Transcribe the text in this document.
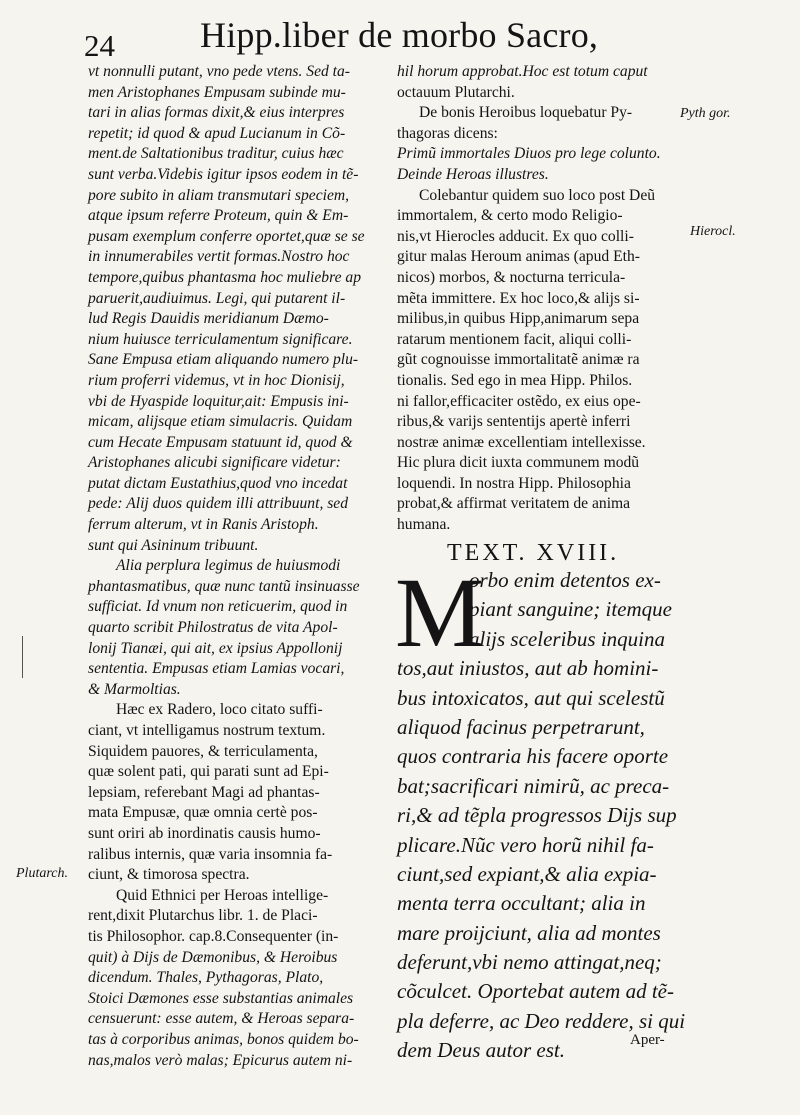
24 Hipp.liber de morbo Sacro,
vt nonnulli putant, vno pede vtens. Sed ta-
men Aristophanes Empusam subinde mu-
tari in alias formas dixit,& eius interpres
repetit; id quod & apud Lucianum in Cõ-
ment.de Saltationibus traditur, cuius hæc
sunt verba.Videbis igitur ipsos eodem in tẽ-
pore subito in aliam transmutari speciem,
atque ipsum referre Proteum, quin & Em-
pusam exemplum conferre oportet,quæ se se
in innumerabiles vertit formas.Nostro hoc
tempore,quibus phantasma hoc muliebre ap
paruerit,audiuimus. Legi, qui putarent il-
lud Regis Dauidis meridianum Dæmo-
nium huiusce terriculamentum significare.
Sane Empusa etiam aliquando numero plu-
rium proferri videmus, vt in hoc Dionisij,
vbi de Hyaspide loquitur,ait: Empusis ini-
micam, alijsque etiam simulacris. Quidam
cum Hecate Empusam statuunt id, quod &
Aristophanes alicubi significare videtur:
putat dictam Eustathius,quod vno incedat
pede: Alij duos quidem illi attribuunt, sed
ferrum alterum, vt in Ranis Aristoph.
sunt qui Asininum tribuunt.
Alia perplura legimus de huiusmodi
phantasmatibus, quæ nunc tantũ insinuasse
sufficiat. Id vnum non reticuerim, quod in
quarto scribit Philostratus de vita Apol-
lonij Tianæi, qui ait, ex ipsius Appollonij
sententia. Empusas etiam Lamias vocari,
& Marmoltias.
Hæc ex Radero, loco citato suffi-
ciant, vt intelligamus nostrum textum.
Siquidem pauores, & terriculamenta,
quæ solent pati, qui parati sunt ad Epi-
lepsiam, referebant Magi ad phantas-
mata Empusæ, quæ omnia certè pos-
sunt oriri ab inordinatis causis humo-
ralibus internis, quæ varia insomnia fa-
ciunt, & timorosa spectra.
Quid Ethnici per Heroas intellige-
rent,dixit Plutarchus libr. 1. de Placi-
tis Philosophor. cap.8.Consequenter (in-
quit) à Dijs de Dæmonibus, & Heroibus
dicendum. Thales, Pythagoras, Plato,
Stoici Dæmones esse substantias animales
censuerunt: esse autem, & Heroas separa-
tas à corporibus animas, bonos quidem bo-
nas,malos verò malas; Epicurus autem ni-
hil horum approbat.Hoc est totum caput
octauum Plutarchi.
De bonis Heroibus loquebatur Py-
thagoras dicens:
Primũ immortales Diuos pro lege colunto.
Deinde Heroas illustres.
Colebantur quidem suo loco post Deũ
immortalem, & certo modo Religio-
nis,vt Hierocles adducit. Ex quo colli-
gitur malas Heroum animas (apud Eth-
nicos) morbos, & nocturna terricula-
mẽta immittere. Ex hoc loco,& alijs si-
milibus,in quibus Hipp,animarum sepa
ratarum mentionem facit, aliqui colli-
gũt cognouisse immortalitatẽ animæ ra
tionalis. Sed ego in mea Hipp. Philos.
ni fallor,efficaciter ostẽdo, ex eius ope-
ribus,& varijs sententijs apertè inferri
nostræ animæ excellentiam intellexisse.
Hic plura dicit iuxta communem modũ
loquendi. In nostra Hipp. Philosophia
probat,& affirmat veritatem de anima
humana.
Pyth gor.
Hierocl.
Plutarch.
TEXT. XVIII.
M
orbo enim detentos ex-
piant sanguine; itemque
alijs sceleribus inquina
tos,aut iniustos, aut ab homini-
bus intoxicatos, aut qui scelestũ
aliquod facinus perpetrarunt,
quos contraria his facere oporte
bat;sacrificari nimirũ, ac preca-
ri,& ad tẽpla progressos Dijs sup
plicare.Nũc vero horũ nihil fa-
ciunt,sed expiant,& alia expia-
menta terra occultant; alia in
mare proijciunt, alia ad montes
deferunt,vbi nemo attingat,neq;
cõculcet. Oportebat autem ad tẽ-
pla deferre, ac Deo reddere, si qui
dem Deus autor est.	Aper-
